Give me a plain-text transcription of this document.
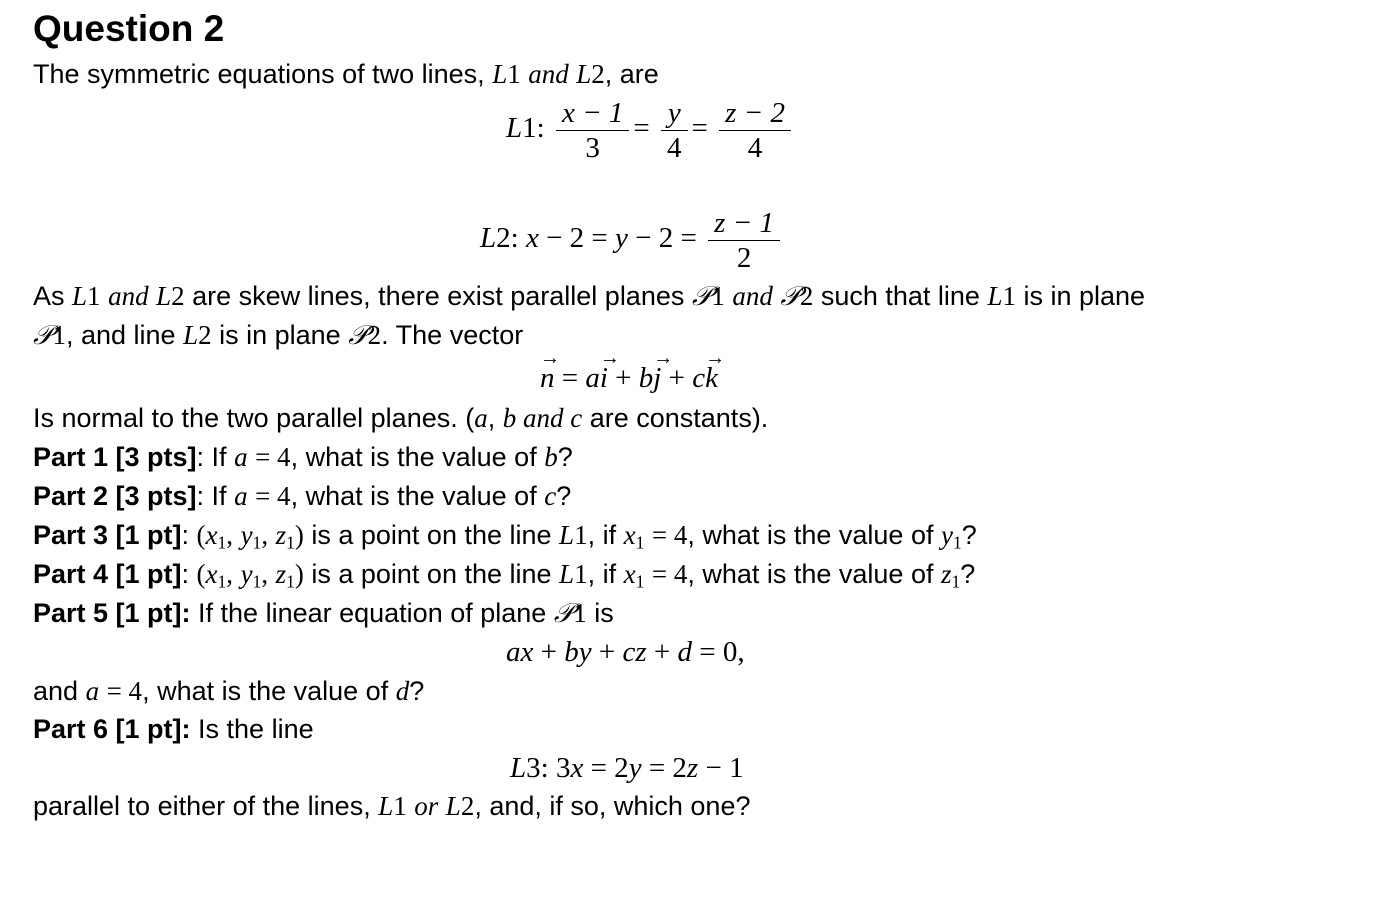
Question 2
The symmetric equations of two lines, L1 and L2, are
L1: $\frac{x - 1}{3} = \frac{y}{4} = \frac{z - 2}{4}$
L2: $x - 2 = y - 2 = \frac{z - 1}{2}$
As L1 and L2 are skew lines, there exist parallel planes 𝒫1 and 𝒫2 such that line L1 is in plane
𝒫1, and line L2 is in plane 𝒫2. The vector
n → = ai → + bj → + ck →
Is normal to the two parallel planes. (a, b and c are constants).
Part 1 [3 pts]: If a = 4, what is the value of b?
Part 2 [3 pts]: If a = 4, what is the value of c?
Part 3 [1 pt]: ($x_1$, $y_1$, $z_1$) is a point on the line L1, if $x_1 = 4$, what is the value of $y_1$?
Part 4 [1 pt]: ($x_1$, $y_1$, $z_1$) is a point on the line L1, if $x_1 = 4$, what is the value of $z_1$?
Part 5 [1 pt]: If the linear equation of plane 𝒫1 is
ax + by + cz + d = 0,
and a = 4, what is the value of d?
Part 6 [1 pt]: Is the line
L3: 3x = 2y = 2z − 1
parallel to either of the lines, L1 or L2, and, if so, which one?
